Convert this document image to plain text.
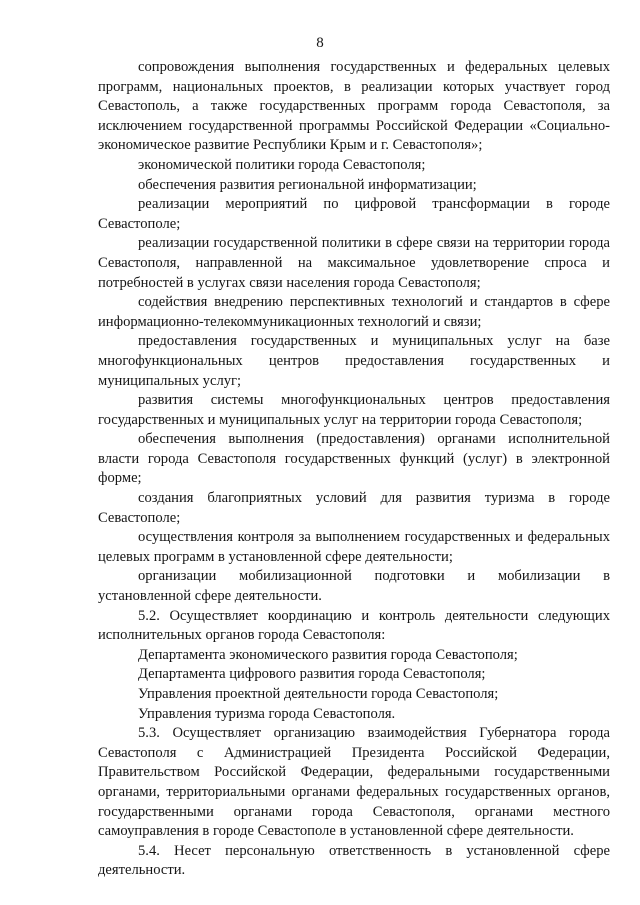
8

сопровождения выполнения государственных и федеральных целевых программ, национальных проектов, в реализации которых участвует город Севастополь, а также государственных программ города Севастополя, за исключением государственной программы Российской Федерации «Социально-экономическое развитие Республики Крым и г. Севастополя»;

экономической политики города Севастополя;

обеспечения развития региональной информатизации;

реализации мероприятий по цифровой трансформации в городе Севастополе;

реализации государственной политики в сфере связи на территории города Севастополя, направленной на максимальное удовлетворение спроса и потребностей в услугах связи населения города Севастополя;

содействия внедрению перспективных технологий и стандартов в сфере информационно-телекоммуникационных технологий и связи;

предоставления государственных и муниципальных услуг на базе многофункциональных центров предоставления государственных и муниципальных услуг;

развития системы многофункциональных центров предоставления государственных и муниципальных услуг на территории города Севастополя;

обеспечения выполнения (предоставления) органами исполнительной власти города Севастополя государственных функций (услуг) в электронной форме;

создания благоприятных условий для развития туризма в городе Севастополе;

осуществления контроля за выполнением государственных и федеральных целевых программ в установленной сфере деятельности;

организации мобилизационной подготовки и мобилизации в установленной сфере деятельности.

5.2. Осуществляет координацию и контроль деятельности следующих исполнительных органов города Севастополя:

Департамента экономического развития города Севастополя;

Департамента цифрового развития города Севастополя;

Управления проектной деятельности города Севастополя;

Управления туризма города Севастополя.

5.3. Осуществляет организацию взаимодействия Губернатора города Севастополя с Администрацией Президента Российской Федерации, Правительством Российской Федерации, федеральными государственными органами, территориальными органами федеральных государственных органов, государственными органами города Севастополя, органами местного самоуправления в городе Севастополе в установленной сфере деятельности.

5.4. Несет персональную ответственность в установленной сфере деятельности.
